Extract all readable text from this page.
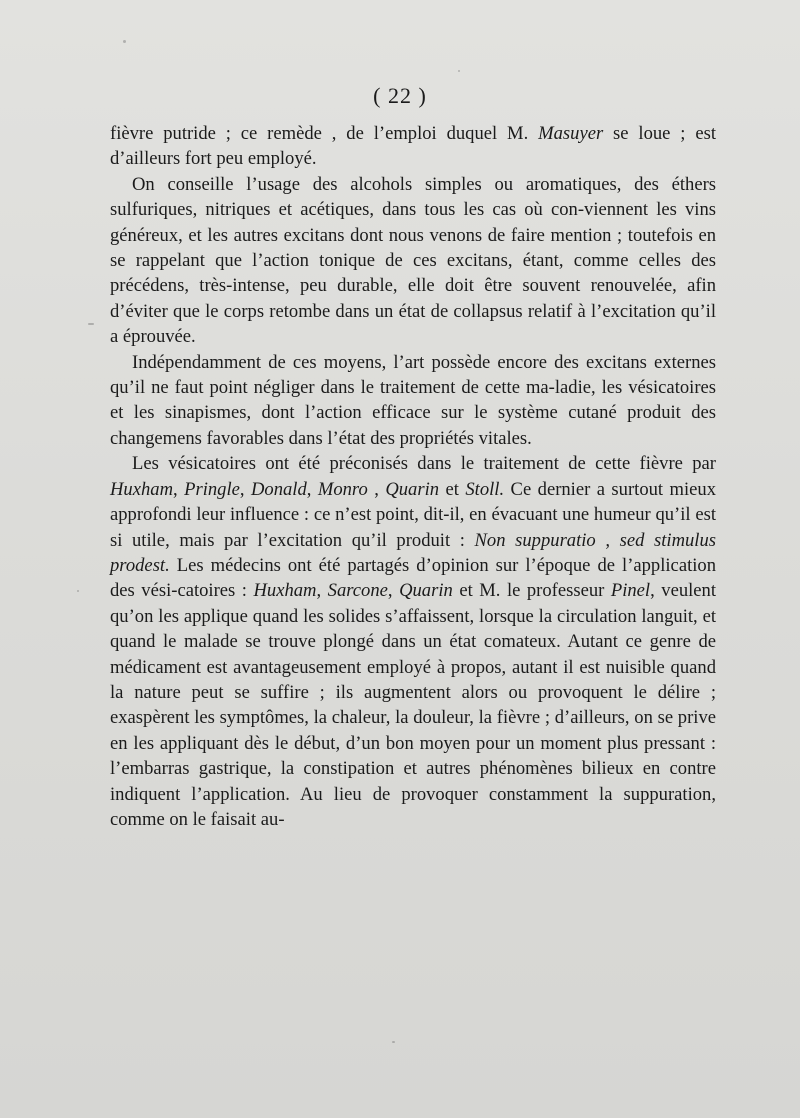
( 22 )

fièvre putride ; ce remède , de l’emploi duquel M. Masuyer se loue ; est d’ailleurs fort peu employé.

On conseille l’usage des alcohols simples ou aromatiques, des éthers sulfuriques, nitriques et acétiques, dans tous les cas où con-viennent les vins généreux, et les autres excitans dont nous venons de faire mention ; toutefois en se rappelant que l’action tonique de ces excitans, étant, comme celles des précédens, très-intense, peu durable, elle doit être souvent renouvelée, afin d’éviter que le corps retombe dans un état de collapsus relatif à l’excitation qu’il a éprouvée.

Indépendamment de ces moyens, l’art possède encore des excitans externes qu’il ne faut point négliger dans le traitement de cette ma-ladie, les vésicatoires et les sinapismes, dont l’action efficace sur le système cutané produit des changemens favorables dans l’état des propriétés vitales.

Les vésicatoires ont été préconisés dans le traitement de cette fièvre par Huxham, Pringle, Donald, Monro , Quarin et Stoll. Ce dernier a surtout mieux approfondi leur influence : ce n’est point, dit-il, en évacuant une humeur qu’il est si utile, mais par l’excitation qu’il produit : Non suppuratio , sed stimulus prodest. Les médecins ont été partagés d’opinion sur l’époque de l’application des vési-catoires : Huxham, Sarcone, Quarin et M. le professeur Pinel, veulent qu’on les applique quand les solides s’affaissent, lorsque la circulation languit, et quand le malade se trouve plongé dans un état comateux. Autant ce genre de médicament est avantageusement employé à propos, autant il est nuisible quand la nature peut se suffire ; ils augmentent alors ou provoquent le délire ; exaspèrent les symptômes, la chaleur, la douleur, la fièvre ; d’ailleurs, on se prive en les appliquant dès le début, d’un bon moyen pour un moment plus pressant : l’embarras gastrique, la constipation et autres phénomènes bilieux en contre indiquent l’application. Au lieu de provoquer constamment la suppuration, comme on le faisait au-
